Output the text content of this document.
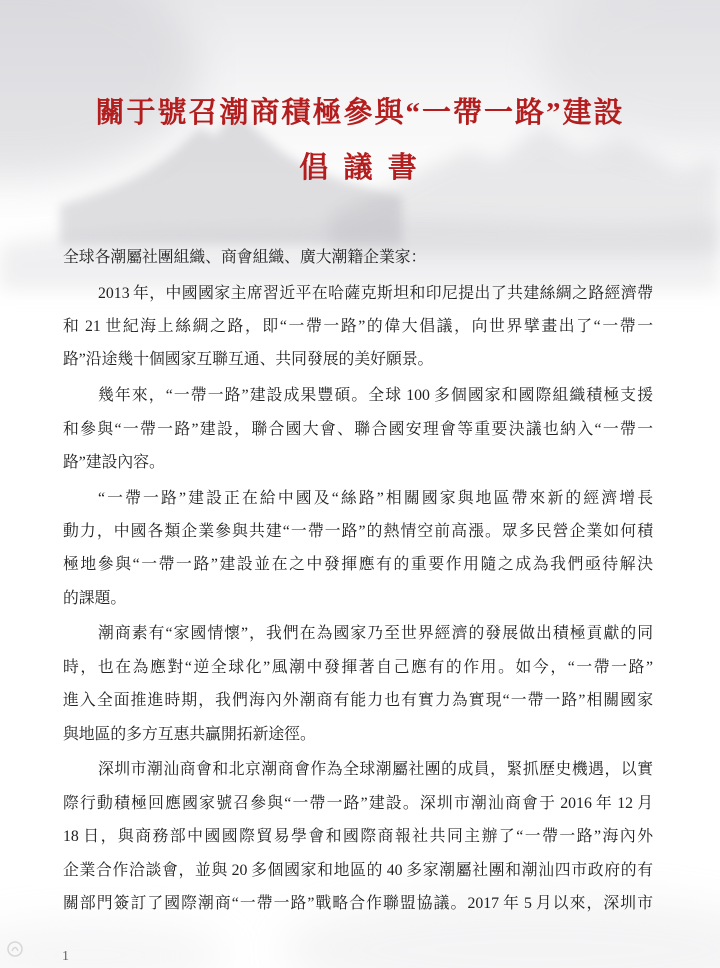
關于號召潮商積極參與“一帶一路”建設
倡 議 書
全球各潮屬社團組織、商會組織、廣大潮籍企業家：
2013 年，中國國家主席習近平在哈薩克斯坦和印尼提出了共建絲綢之路經濟帶
和 21 世紀海上絲綢之路，即“一帶一路”的偉大倡議，向世界擘畫出了“一帶一
路”沿途幾十個國家互聯互通、共同發展的美好願景。
幾年來，“一帶一路”建設成果豐碩。全球 100 多個國家和國際組織積極支援
和參與“一帶一路”建設，聯合國大會、聯合國安理會等重要決議也納入“一帶一
路”建設內容。
“一帶一路”建設正在給中國及“絲路”相關國家與地區帶來新的經濟增長
動力，中國各類企業參與共建“一帶一路”的熱情空前高漲。眾多民營企業如何積
極地參與“一帶一路”建設並在之中發揮應有的重要作用隨之成為我們亟待解決
的課題。
潮商素有“家國情懷”，我們在為國家乃至世界經濟的發展做出積極貢獻的同
時，也在為應對“逆全球化”風潮中發揮著自己應有的作用。如今，“一帶一路”
進入全面推進時期，我們海內外潮商有能力也有實力為實現“一帶一路”相關國家
與地區的多方互惠共贏開拓新途徑。
深圳市潮汕商會和北京潮商會作為全球潮屬社團的成員，緊抓歷史機遇，以實
際行動積極回應國家號召參與“一帶一路”建設。深圳市潮汕商會于 2016 年 12 月
18 日，與商務部中國國際貿易學會和國際商報社共同主辦了“一帶一路”海內外
企業合作洽談會，並與 20 多個國家和地區的 40 多家潮屬社團和潮汕四市政府的有
關部門簽訂了國際潮商“一帶一路”戰略合作聯盟協議。2017 年 5 月以來，深圳市
1
